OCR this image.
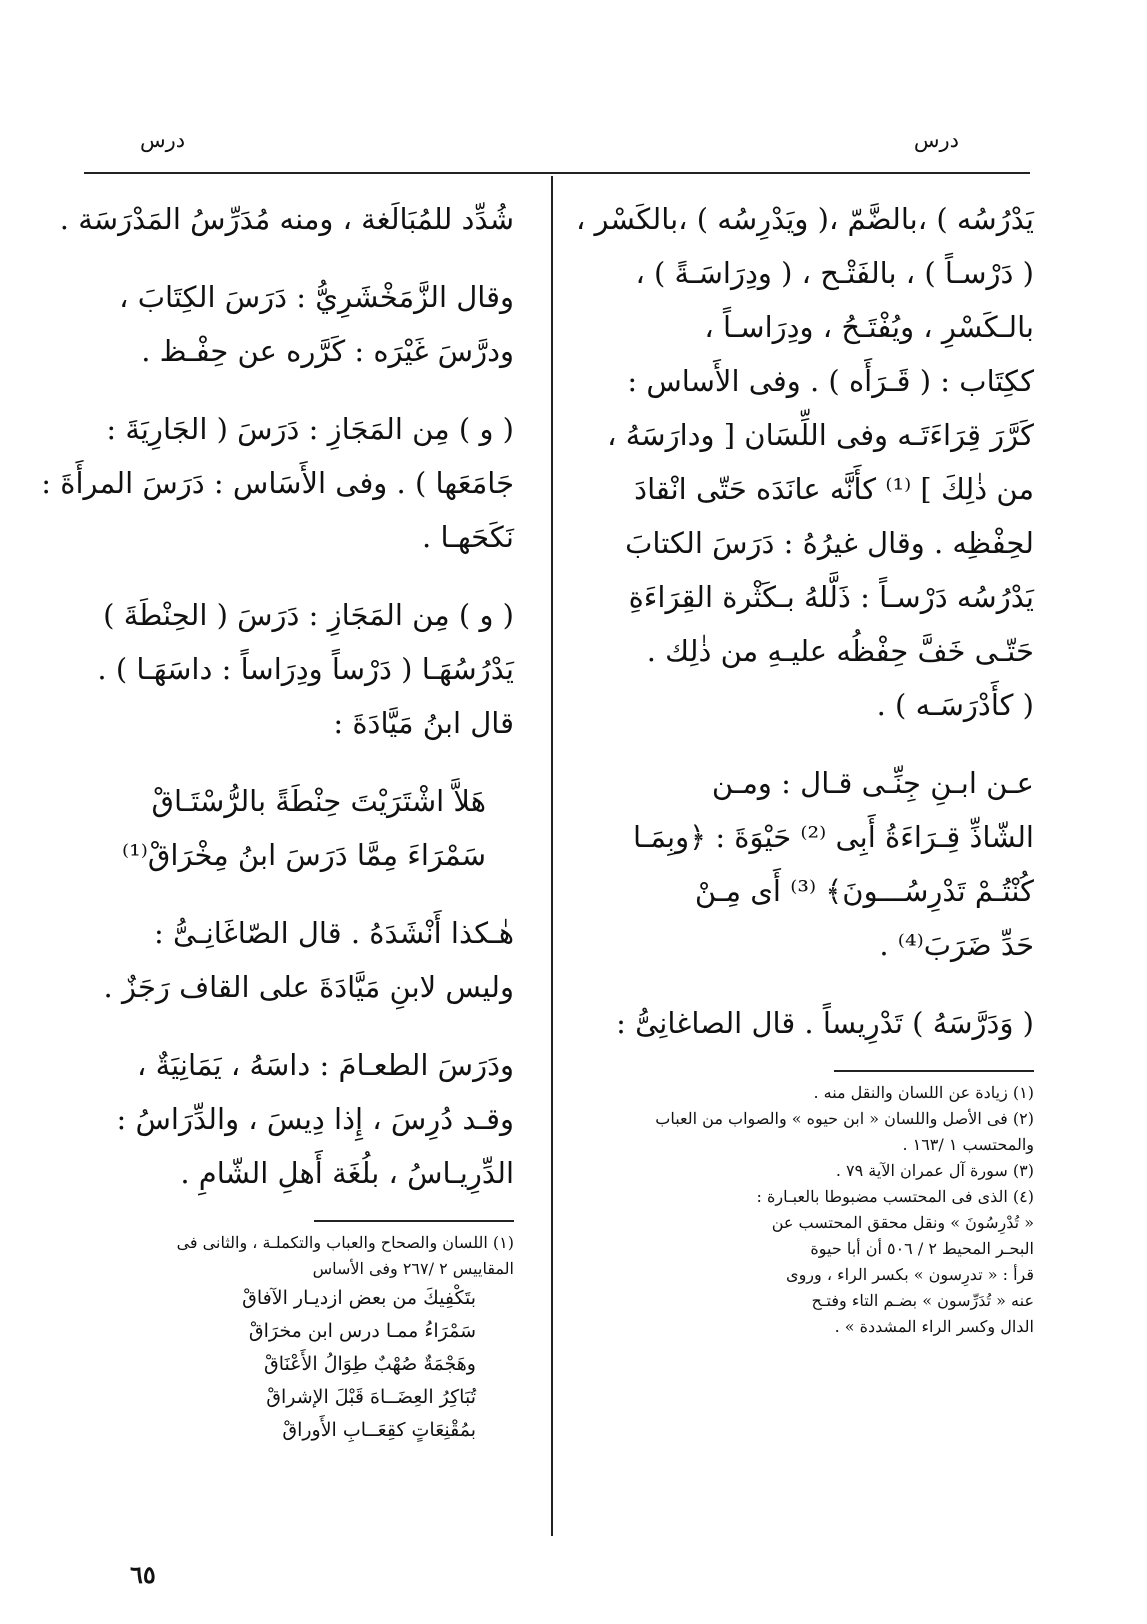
درس	درس
يَدْرُسُه ) ،بالضَّمّ ،( ويَدْرِسُه ) ،بالكَسْر ،
( دَرْسـاً ) ، بالفَتْـح ، ( ودِرَاسَـةً ) ،
بالـكَسْرِ ، ويُفْتَـحُ ، ودِرَاسـاً ،
ككِتَاب : ( قَـرَأَه ) . وفى الأَساس :
كَرَّرَ قِرَاءَتَـه وفى اللِّسَان [ ودارَسَهُ ،
من ذٰلِكَ ] ⁽¹⁾ كأَنَّه عانَدَه حَتّى انْقادَ
لحِفْظِه . وقال غيرُهُ : دَرَسَ الكتابَ
يَدْرُسُه دَرْسـاً : ذَلَّلهُ بـكَثْرة القِرَاءَةِ
حَتّـى خَفَّ حِفْظُه عليـهِ من ذٰلِك .
( كأَدْرَسَـه ) .
عـن ابـنِ جِنِّـى قـال : ومـن
الشّاذِّ قِـرَاءَةُ أَبِى ⁽²⁾ حَيْوَةَ : ﴿وبِمَـا
كُنْتُـمْ تَدْرِسُـــونَ﴾ ⁽³⁾ أَى مِـنْ
حَدِّ ضَرَبَ⁽⁴⁾ .
( وَدَرَّسَهُ ) تَدْرِيساً . قال الصاغانِىُّ :
(١) زيادة عن اللسان والنقل منه .
(٢) فى الأصل واللسان « ابن حيوه » والصواب من العباب
والمحتسب ١ /١٦٣ .
(٣) سورة آل عمران الآية ٧٩ .
(٤) الذى فى المحتسب مضبوطا بالعبـارة :
« تُدْرِسُونَ » ونقل محقق المحتسب عن
البحـر المحيط ٢ / ٥٠٦ أن أبا حيوة
قرأ : « تدرِسون » بكسر الراء ، وروى
عنه « تُدَرِّسون » بضـم التاء وفتـح
الدال وكسر الراء المشددة » .
شُدِّد للمُبَالَغة ، ومنه مُدَرِّسُ المَدْرَسَة .
وقال الزَّمَخْشَرِيُّ : دَرَسَ الكِتَابَ ،
ودرَّسَ غَيْرَه : كَرَّره عن حِفْـظ .
( و ) مِن المَجَازِ : دَرَسَ ( الجَارِيَةَ :
جَامَعَها ) . وفى الأَسَاس : دَرَسَ المرأَةَ :
نَكَحَهـا .
( و ) مِن المَجَازِ : دَرَسَ ( الحِنْطَةَ )
يَدْرُسُهَـا ( دَرْساً ودِرَاساً : داسَهَـا ) .
قال ابنُ مَيَّادَةَ :
هَلاَّ اشْتَرَيْتَ حِنْطَةً بالرُّسْتَـاقْ
سَمْرَاءَ مِمَّا دَرَسَ ابنُ مِخْرَاقْ⁽¹⁾
هٰـكذا أَنْشَدَهُ . قال الصّاغَانِـىُّ :
وليس لابنِ مَيَّادَةَ على القاف رَجَزٌ .
ودَرَسَ الطعـامَ : داسَهُ ، يَمَانِيَةٌ ،
وقـد دُرِسَ ، إِذا دِيسَ ، والدِّرَاسُ :
الدِّرِيـاسُ ، بلُغَة أَهلِ الشّامِ .
(١) اللسان والصحاح والعباب والتكملـة ، والثانى فى
المقاييس ٢ /٢٦٧ وفى الأساس
بتَكْفِيكَ من بعض ازديـار الآفاقْ
سَمْرَاءُ ممـا درس ابن مخرَاقْ
وهَجْمَةٌ صُهْبٌ طِوَالُ الأَعْنَاقْ
تُبَاكِرُ العِضَــاهَ قَبْلَ الإشراقْ
بمُقْنِعَاتٍ كقِعَــابِ الأَوراقْ
٦٥
